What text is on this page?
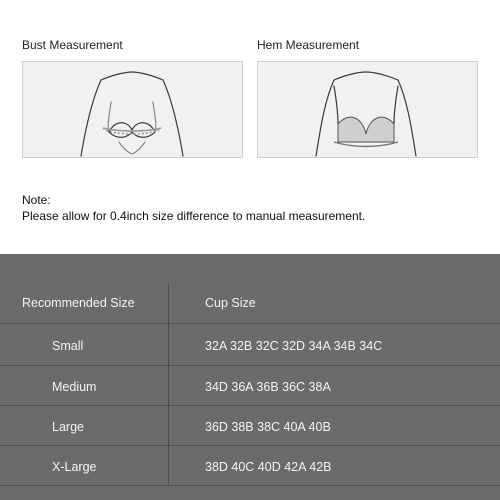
Bust Measurement	Hem Measurement
Note:
Please allow for 0.4inch size difference to manual measurement.
Recommended Size	Cup Size
Small	32A 32B 32C 32D 34A 34B 34C
Medium	34D 36A 36B 36C 38A
Large	36D 38B 38C 40A 40B
X-Large	38D 40C 40D 42A 42B
